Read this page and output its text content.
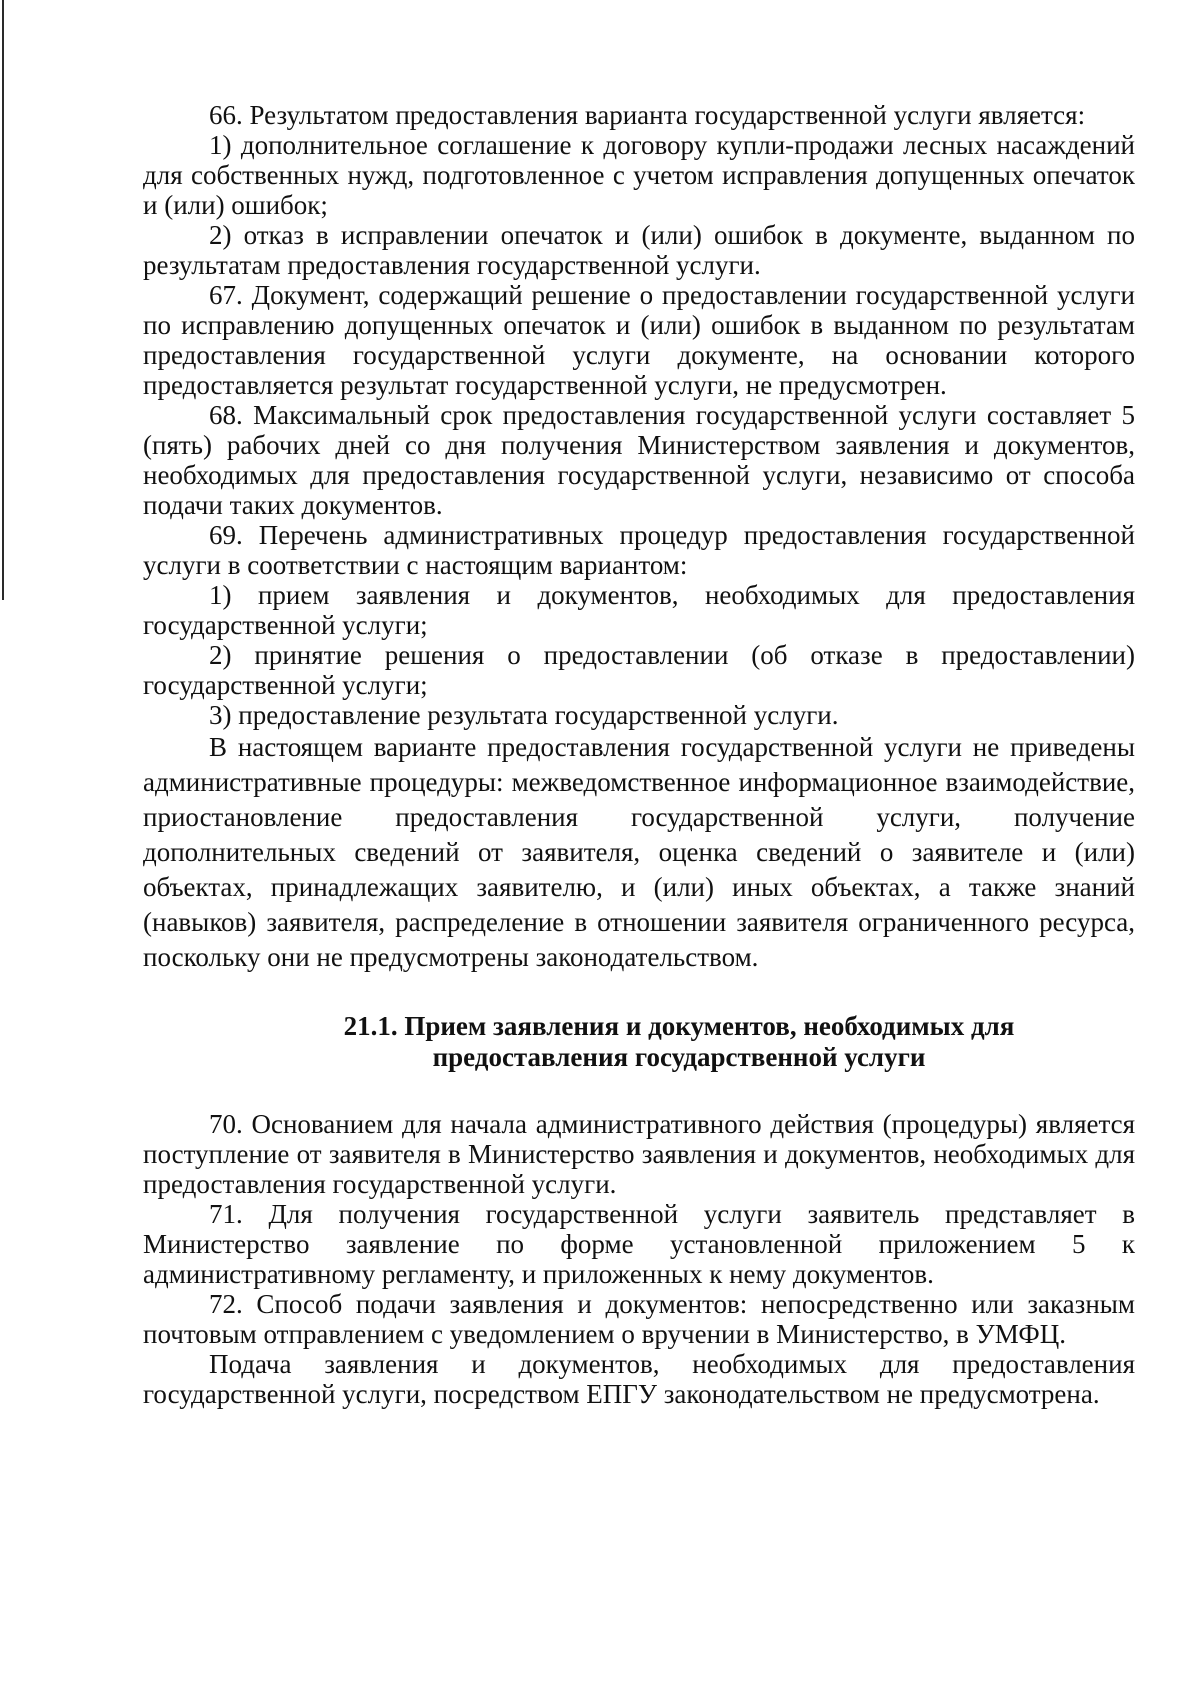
66. Результатом предоставления варианта государственной услуги является:

1) дополнительное соглашение к договору купли-продажи лесных насаждений для собственных нужд, подготовленное с учетом исправления допущенных опечаток и (или) ошибок;

2) отказ в исправлении опечаток и (или) ошибок в документе, выданном по результатам предоставления государственной услуги.

67. Документ, содержащий решение о предоставлении государственной услуги по исправлению допущенных опечаток и (или) ошибок в выданном по результатам предоставления государственной услуги документе, на основании которого предоставляется результат государственной услуги, не предусмотрен.

68. Максимальный срок предоставления государственной услуги составляет 5 (пять) рабочих дней со дня получения Министерством заявления и документов, необходимых для предоставления государственной услуги, независимо от способа подачи таких документов.

69. Перечень административных процедур предоставления государственной услуги в соответствии с настоящим вариантом:

1) прием заявления и документов, необходимых для предоставления государственной услуги;

2) принятие решения о предоставлении (об отказе в предоставлении) государственной услуги;

3) предоставление результата государственной услуги.

В настоящем варианте предоставления государственной услуги не приведены административные процедуры: межведомственное информационное взаимодействие, приостановление предоставления государственной услуги, получение дополнительных сведений от заявителя, оценка сведений о заявителе и (или) объектах, принадлежащих заявителю, и (или) иных объектах, а также знаний (навыков) заявителя, распределение в отношении заявителя ограниченного ресурса, поскольку они не предусмотрены законодательством.

21.1. Прием заявления и документов, необходимых для
предоставления государственной услуги

70. Основанием для начала административного действия (процедуры) является поступление от заявителя в Министерство заявления и документов, необходимых для предоставления государственной услуги.

71. Для получения государственной услуги заявитель представляет в Министерство заявление по форме установленной приложением 5 к административному регламенту, и приложенных к нему документов.

72. Способ подачи заявления и документов: непосредственно или заказным почтовым отправлением с уведомлением о вручении в Министерство, в УМФЦ.

Подача заявления и документов, необходимых для предоставления государственной услуги, посредством ЕПГУ законодательством не предусмотрена.
